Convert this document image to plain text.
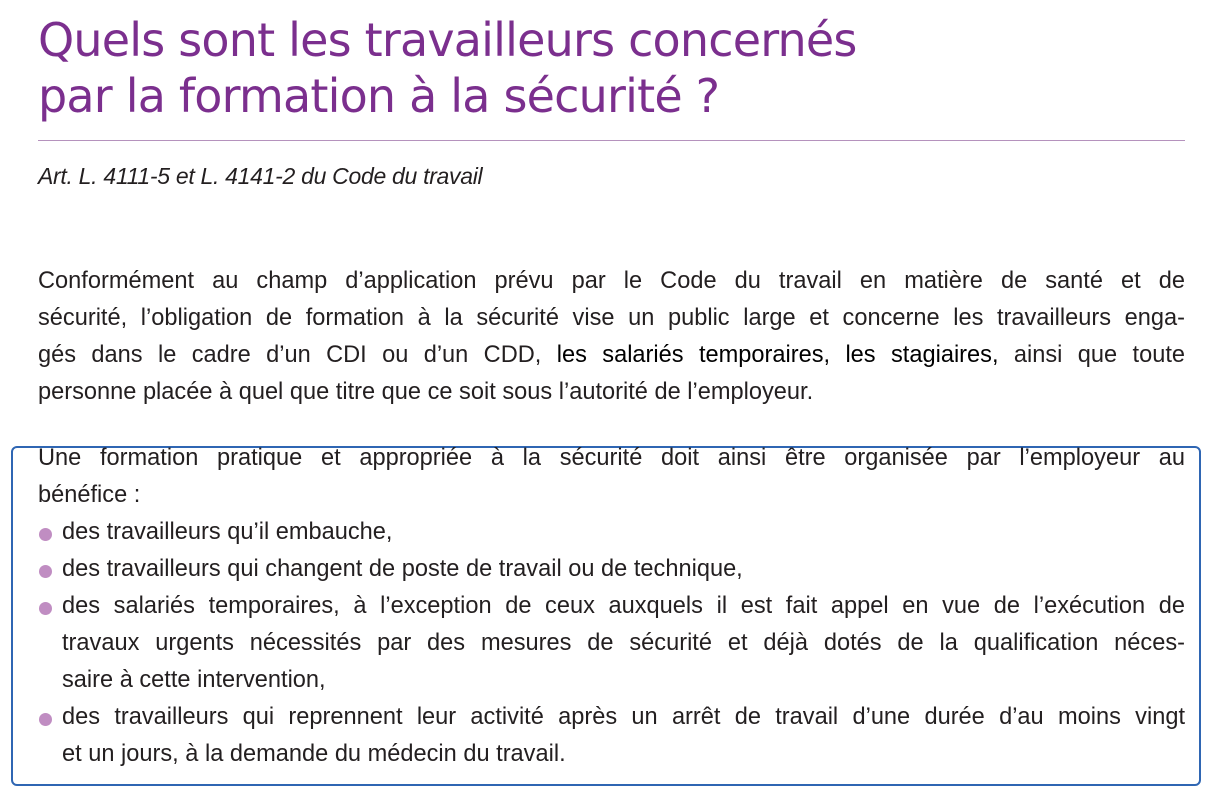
Quels sont les travailleurs concernés
par la formation à la sécurité ?

Art. L. 4111-5 et L. 4141-2 du Code du travail

Conformément au champ d’application prévu par le Code du travail en matière de santé et de
sécurité, l’obligation de formation à la sécurité vise un public large et concerne les travailleurs enga-
gés dans le cadre d’un CDI ou d’un CDD, les salariés temporaires, les stagiaires, ainsi que toute
personne placée à quel que titre que ce soit sous l’autorité de l’employeur.

Une formation pratique et appropriée à la sécurité doit ainsi être organisée par l’employeur au
bénéfice :

des travailleurs qu’il embauche,
des travailleurs qui changent de poste de travail ou de technique,
des salariés temporaires, à l’exception de ceux auxquels il est fait appel en vue de l’exécution de
travaux urgents nécessités par des mesures de sécurité et déjà dotés de la qualification néces-
saire à cette intervention,
des travailleurs qui reprennent leur activité après un arrêt de travail d’une durée d’au moins vingt
et un jours, à la demande du médecin du travail.
